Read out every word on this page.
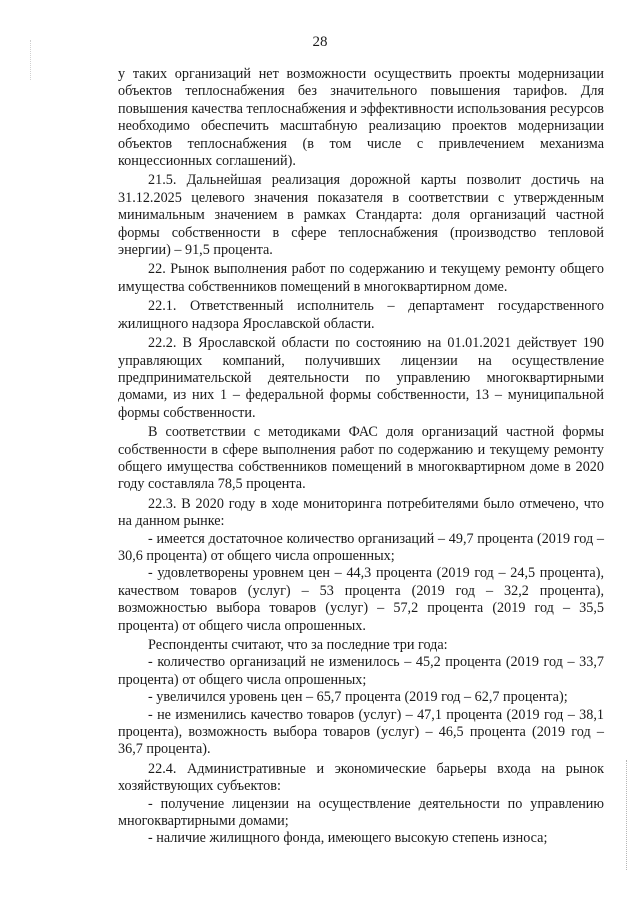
28

у таких организаций нет возможности осуществить проекты модернизации объектов теплоснабжения без значительного повышения тарифов. Для повышения качества теплоснабжения и эффективности использования ресурсов необходимо обеспечить масштабную реализацию проектов модернизации объектов теплоснабжения (в том числе с привлечением механизма концессионных соглашений).

21.5. Дальнейшая реализация дорожной карты позволит достичь на 31.12.2025 целевого значения показателя в соответствии с утвержденным минимальным значением в рамках Стандарта: доля организаций частной формы собственности в сфере теплоснабжения (производство тепловой энергии) – 91,5 процента.

22. Рынок выполнения работ по содержанию и текущему ремонту общего имущества собственников помещений в многоквартирном доме.

22.1. Ответственный исполнитель – департамент государственного жилищного надзора Ярославской области.

22.2. В Ярославской области по состоянию на 01.01.2021 действует 190 управляющих компаний, получивших лицензии на осуществление предпринимательской деятельности по управлению многоквартирными домами, из них 1 – федеральной формы собственности, 13 – муниципальной формы собственности.

В соответствии с методиками ФАС доля организаций частной формы собственности в сфере выполнения работ по содержанию и текущему ремонту общего имущества собственников помещений в многоквартирном доме в 2020 году составляла 78,5 процента.

22.3. В 2020 году в ходе мониторинга потребителями было отмечено, что на данном рынке:

- имеется достаточное количество организаций – 49,7 процента (2019 год – 30,6 процента) от общего числа опрошенных;

- удовлетворены уровнем цен – 44,3 процента (2019 год – 24,5 процента), качеством товаров (услуг) – 53 процента (2019 год – 32,2 процента), возможностью выбора товаров (услуг) – 57,2 процента (2019 год – 35,5 процента) от общего числа опрошенных.

Респонденты считают, что за последние три года:

- количество организаций не изменилось – 45,2 процента (2019 год – 33,7 процента) от общего числа опрошенных;

- увеличился уровень цен – 65,7 процента (2019 год – 62,7 процента);

- не изменились качество товаров (услуг) – 47,1 процента (2019 год – 38,1 процента), возможность выбора товаров (услуг) – 46,5 процента (2019 год – 36,7 процента).

22.4. Административные и экономические барьеры входа на рынок хозяйствующих субъектов:

- получение лицензии на осуществление деятельности по управлению многоквартирными домами;

- наличие жилищного фонда, имеющего высокую степень износа;
